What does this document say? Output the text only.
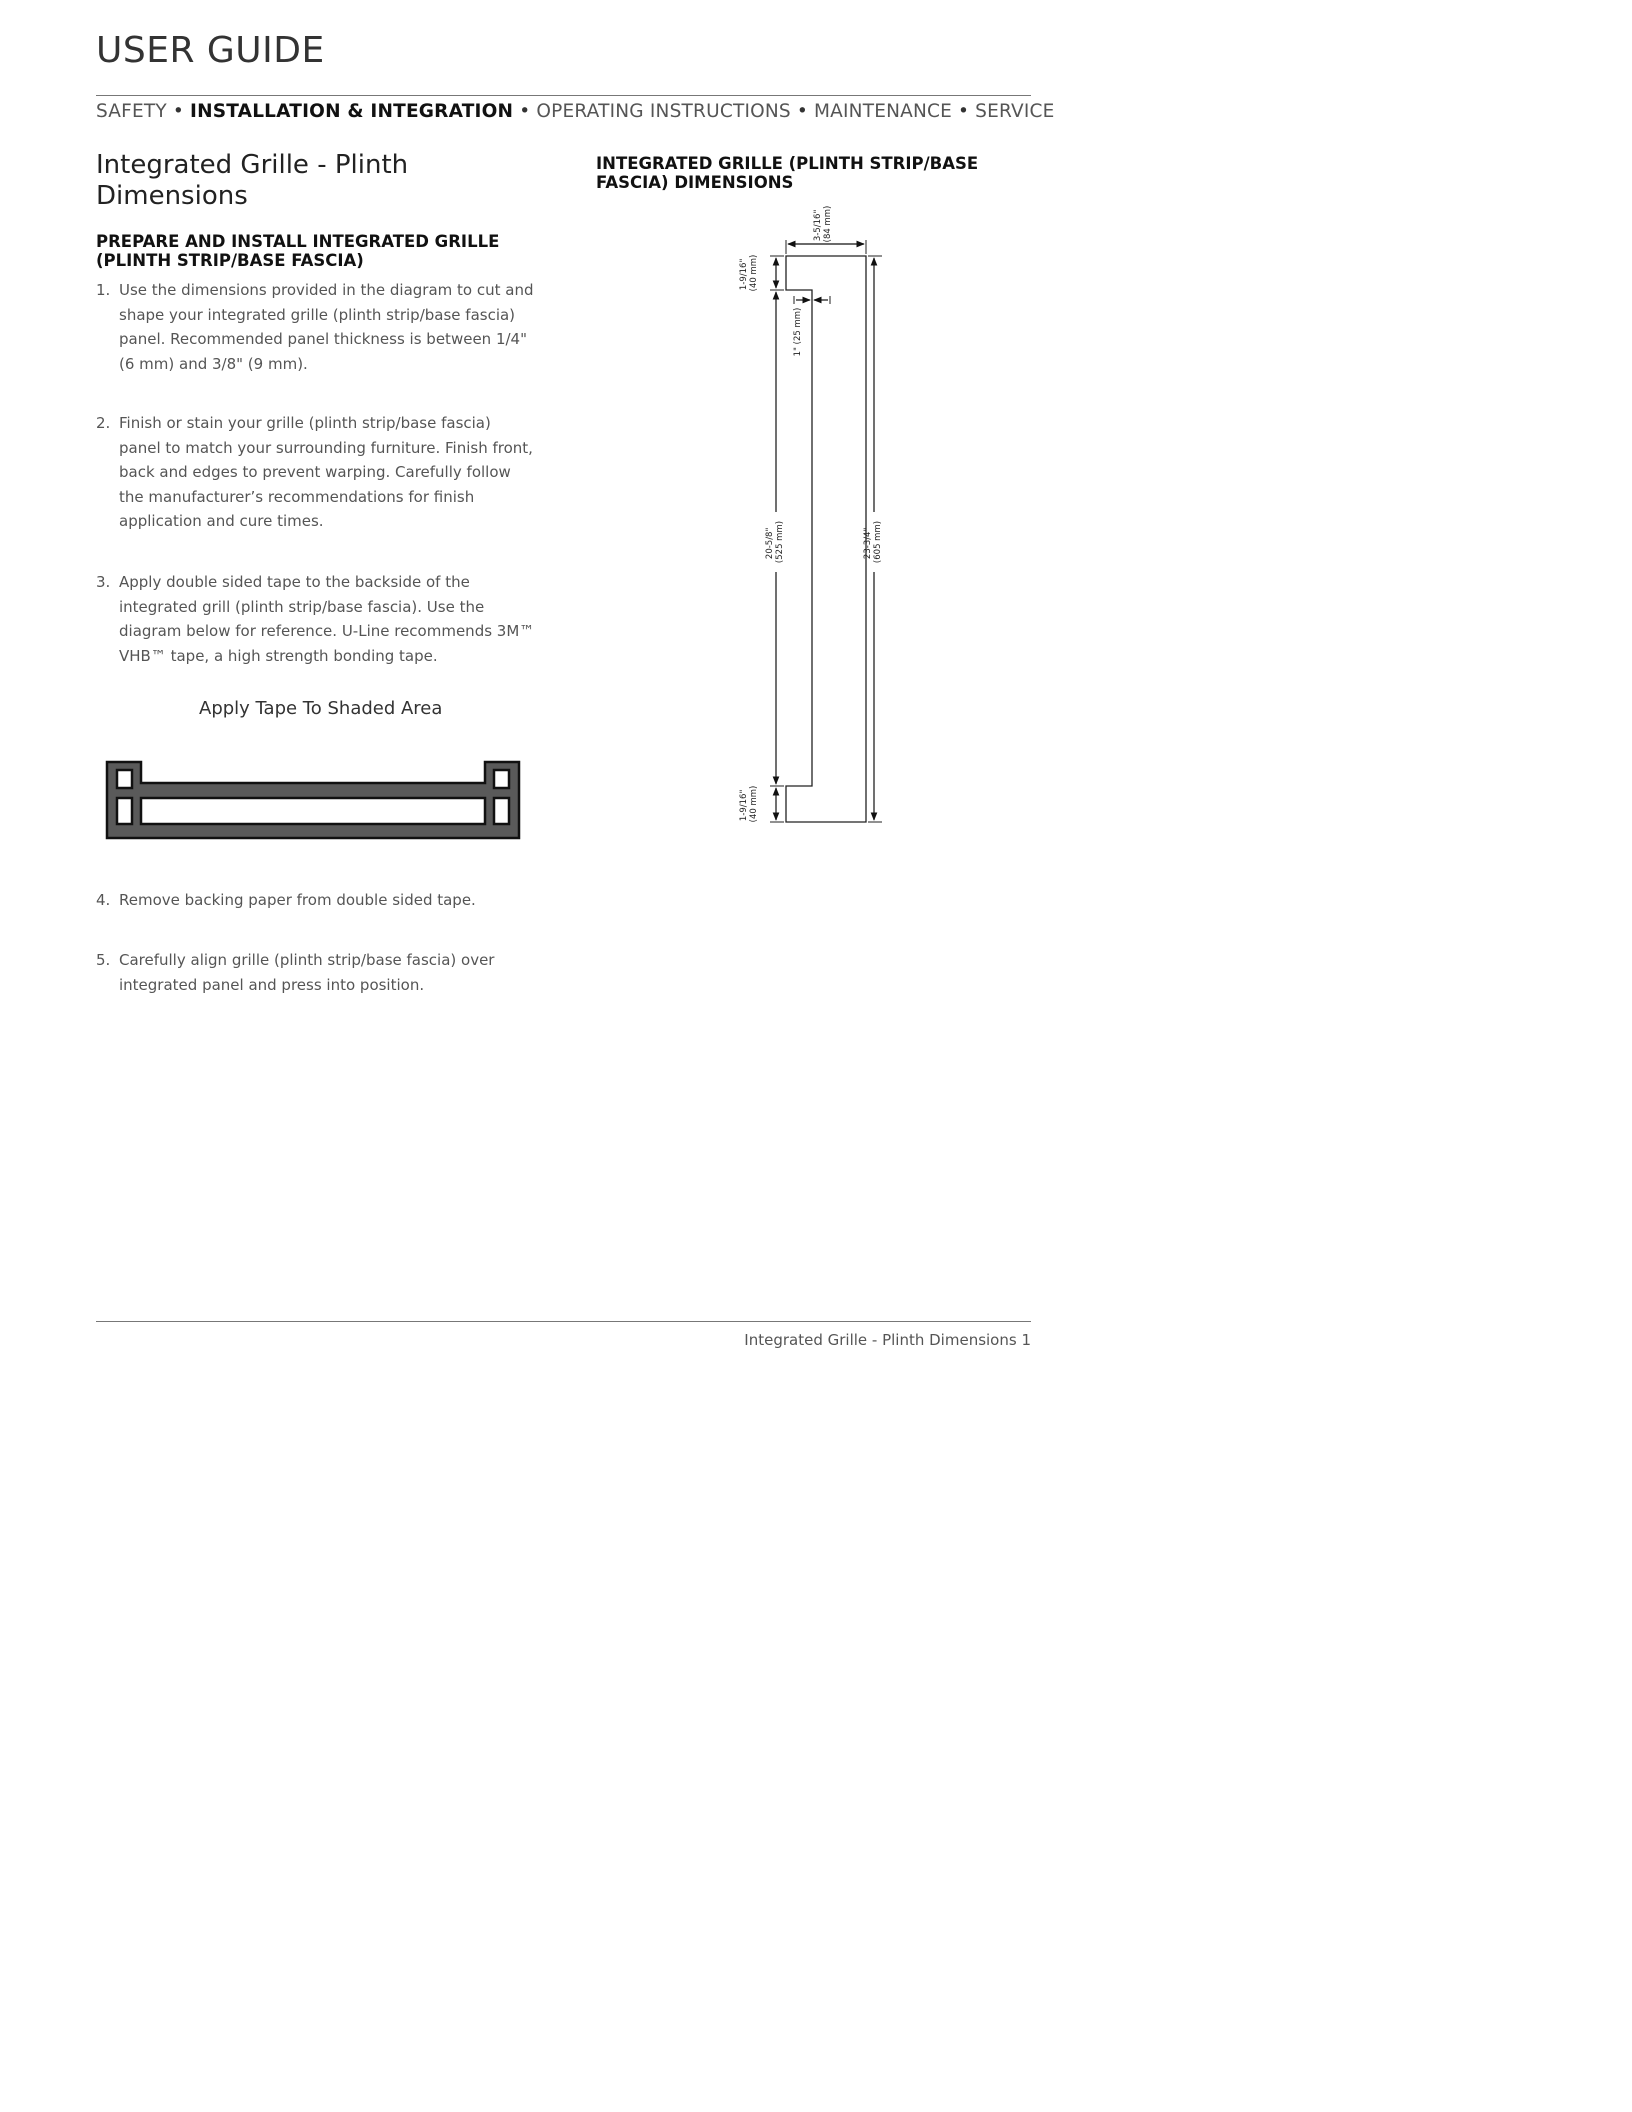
USER GUIDE
SAFETY • INSTALLATION & INTEGRATION • OPERATING INSTRUCTIONS • MAINTENANCE • SERVICE
Integrated Grille - Plinth Dimensions
PREPARE AND INSTALL INTEGRATED GRILLE (PLINTH STRIP/BASE FASCIA)
1. Use the dimensions provided in the diagram to cut and shape your integrated grille (plinth strip/base fascia) panel. Recommended panel thickness is between 1/4" (6 mm) and 3/8" (9 mm).
2. Finish or stain your grille (plinth strip/base fascia) panel to match your surrounding furniture. Finish front, back and edges to prevent warping. Carefully follow the manufacturer’s recommendations for finish application and cure times.
3. Apply double sided tape to the backside of the integrated grill (plinth strip/base fascia). Use the diagram below for reference. U-Line recommends 3M™ VHB™ tape, a high strength bonding tape.
Apply Tape To Shaded Area
4. Remove backing paper from double sided tape.
5. Carefully align grille (plinth strip/base fascia) over integrated panel and press into position.
INTEGRATED GRILLE (PLINTH STRIP/BASE FASCIA) DIMENSIONS
3-5/16" (84 mm)
1-9/16" (40 mm)
1" (25 mm)
20-5/8" (525 mm)
1-9/16" (40 mm)
23-3/4" (605 mm)
Integrated Grille - Plinth Dimensions 1
